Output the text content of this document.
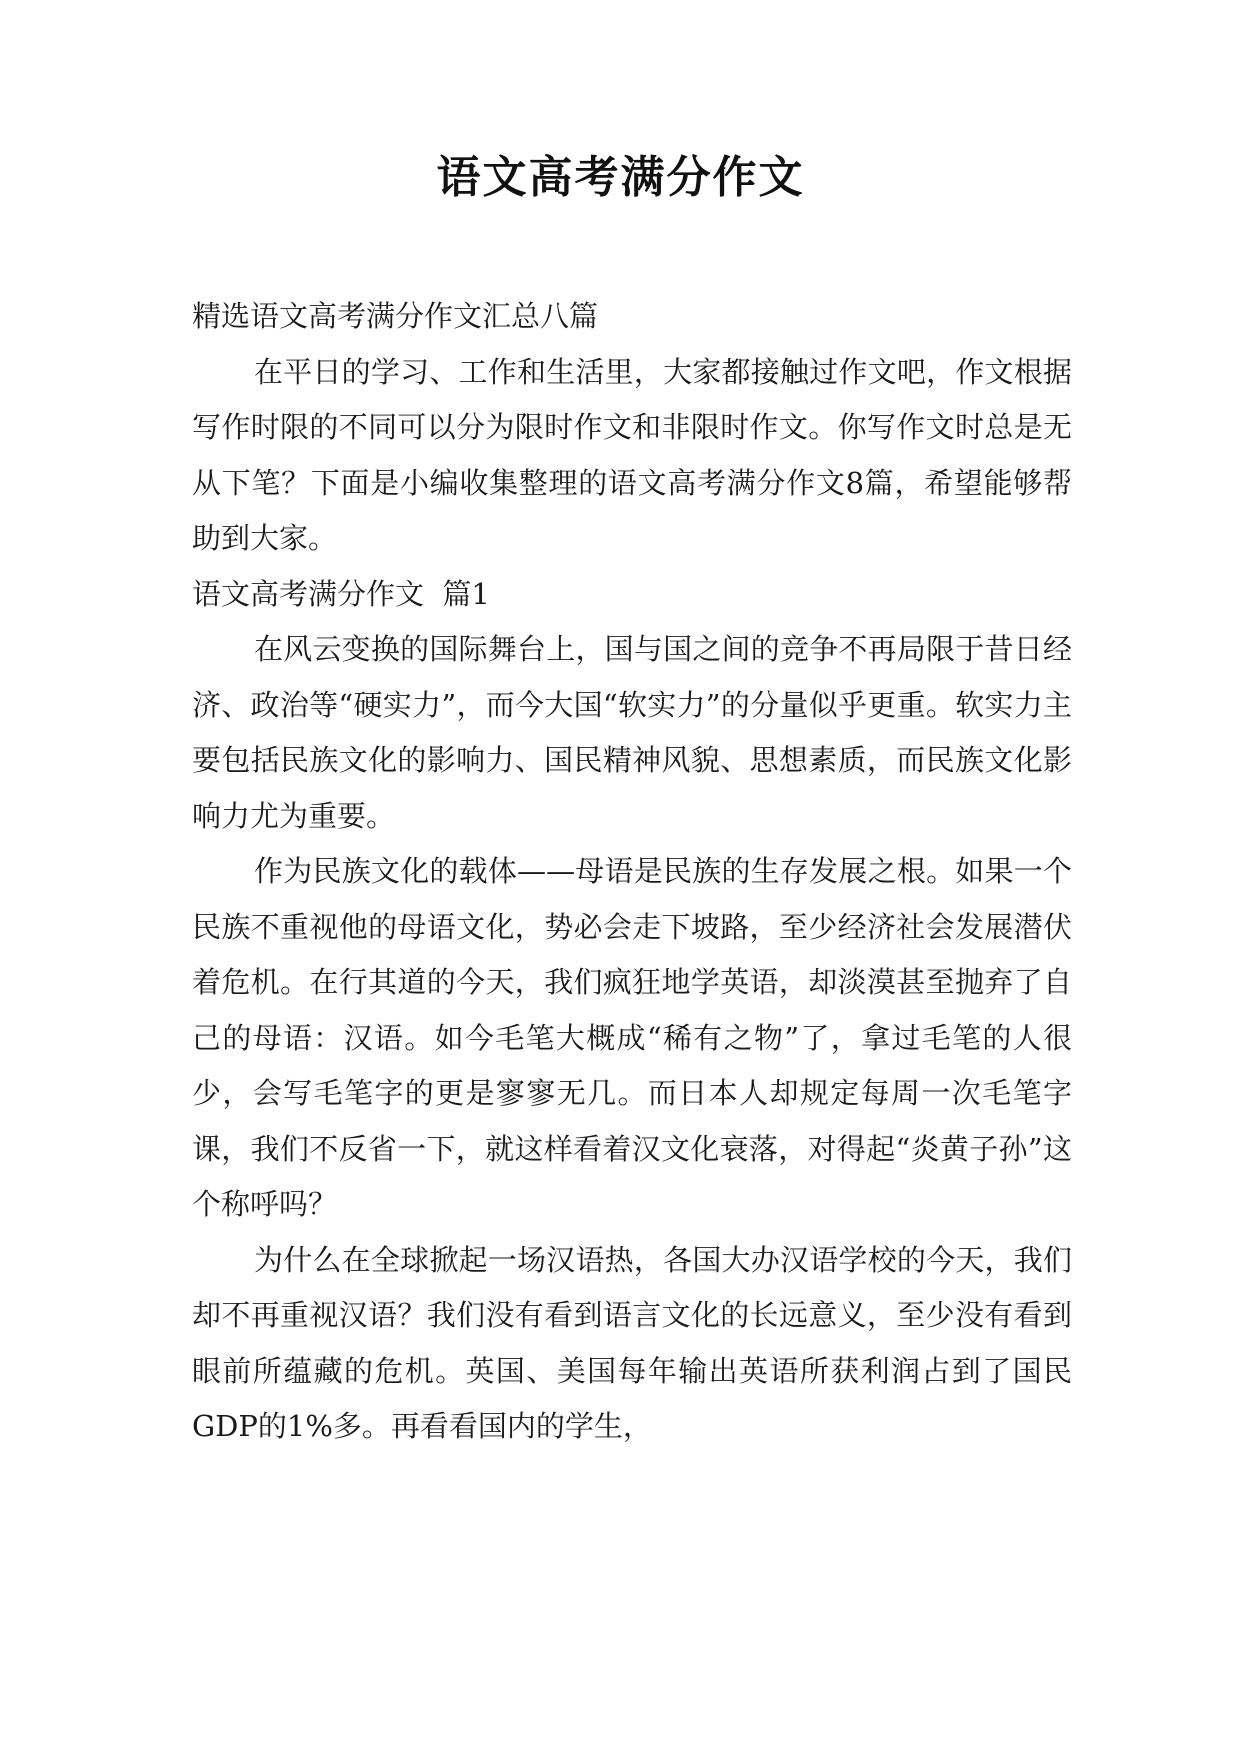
语文高考满分作文

精选语文高考满分作文汇总八篇

在平日的学习、工作和生活里，大家都接触过作文吧，作文根据写作时限的不同可以分为限时作文和非限时作文。你写作文时总是无从下笔？下面是小编收集整理的语文高考满分作文8篇，希望能够帮助到大家。

语文高考满分作文  篇1

在风云变换的国际舞台上，国与国之间的竞争不再局限于昔日经济、政治等“硬实力”，而今大国“软实力”的分量似乎更重。软实力主要包括民族文化的影响力、国民精神风貌、思想素质，而民族文化影响力尤为重要。

作为民族文化的载体——母语是民族的生存发展之根。如果一个民族不重视他的母语文化，势必会走下坡路，至少经济社会发展潜伏着危机。在行其道的今天，我们疯狂地学英语，却淡漠甚至抛弃了自己的母语：汉语。如今毛笔大概成“稀有之物”了，拿过毛笔的人很少，会写毛笔字的更是寥寥无几。而日本人却规定每周一次毛笔字课，我们不反省一下，就这样看着汉文化衰落，对得起“炎黄子孙”这个称呼吗？

为什么在全球掀起一场汉语热，各国大办汉语学校的今天，我们却不再重视汉语？我们没有看到语言文化的长远意义，至少没有看到眼前所蕴藏的危机。英国、美国每年输出英语所获利润占到了国民GDP的1%多。再看看国内的学生，
